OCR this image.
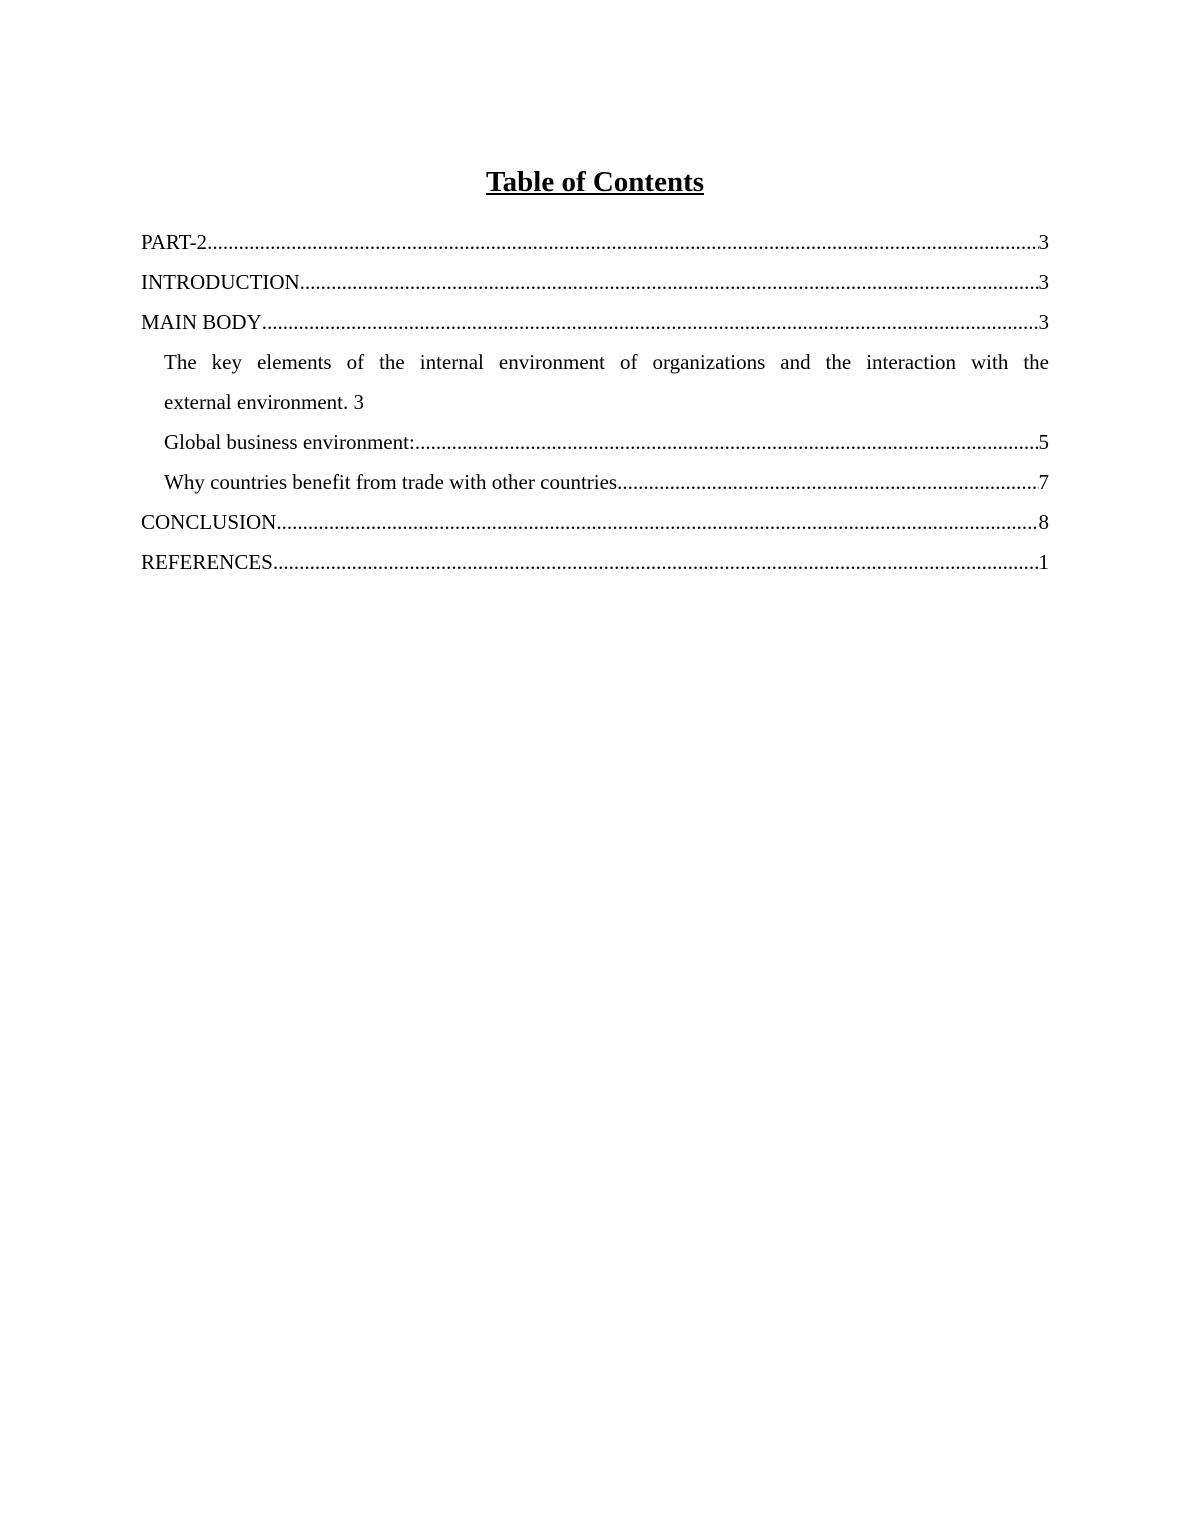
Table of Contents
PART-2 .....	3
INTRODUCTION .....	3
MAIN BODY .....	3
The key elements of the internal environment of organizations and the interaction with the
external environment. 3
Global business environment: .....	5
Why countries benefit from trade with other countries .....	7
CONCLUSION .....	8
REFERENCES .....	1
